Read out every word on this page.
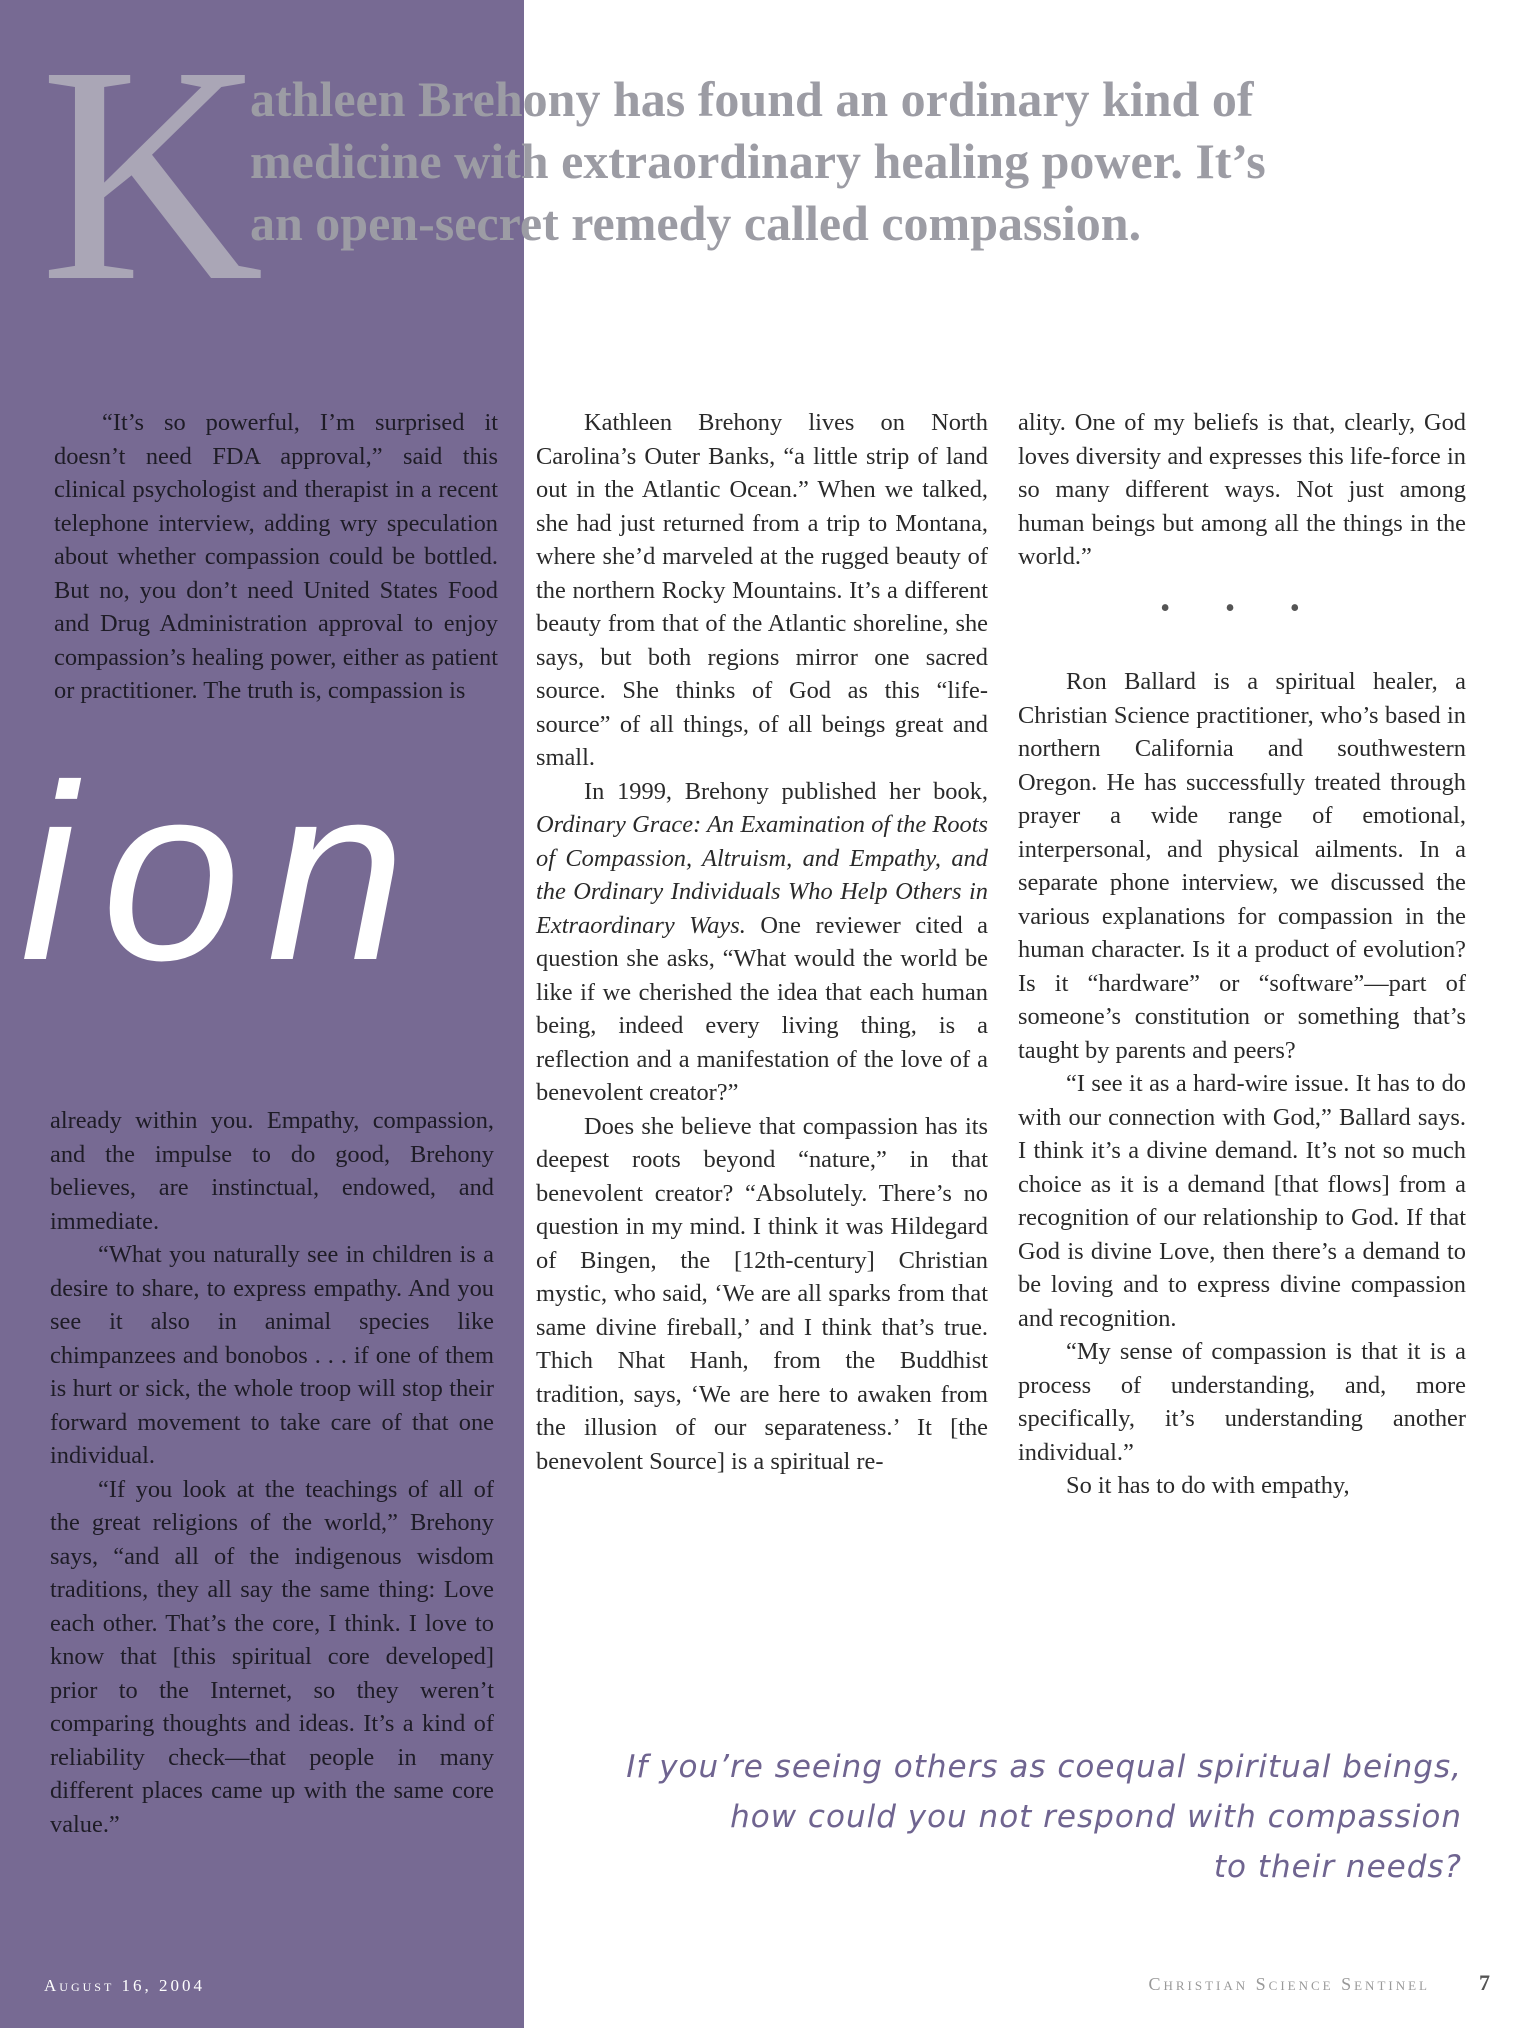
K

athleen Brehony has found an ordinary kind of
medicine with extraordinary healing power. It’s
an open-secret remedy called compassion.

“It’s so powerful, I’m surprised it doesn’t need FDA approval,” said this clinical psychologist and therapist in a recent telephone interview, adding wry speculation about whether compassion could be bottled. But no, you don’t need United States Food and Drug Administration approval to enjoy compassion’s healing power, either as patient or practitioner. The truth is, compassion is

ion

already within you. Empathy, compassion, and the impulse to do good, Brehony believes, are instinctual, endowed, and immediate.

“What you naturally see in children is a desire to share, to express empathy. And you see it also in animal species like chimpanzees and bonobos . . . if one of them is hurt or sick, the whole troop will stop their forward movement to take care of that one individual.

“If you look at the teachings of all of the great religions of the world,” Brehony says, “and all of the indigenous wisdom traditions, they all say the same thing: Love each other. That’s the core, I think. I love to know that [this spiritual core developed] prior to the Internet, so they weren’t comparing thoughts and ideas. It’s a kind of reliability check—that people in many different places came up with the same core value.”

Kathleen Brehony lives on North Carolina’s Outer Banks, “a little strip of land out in the Atlantic Ocean.” When we talked, she had just returned from a trip to Montana, where she’d marveled at the rugged beauty of the northern Rocky Mountains. It’s a different beauty from that of the Atlantic shoreline, she says, but both regions mirror one sacred source. She thinks of God as this “life-source” of all things, of all beings great and small.

In 1999, Brehony published her book, Ordinary Grace: An Examination of the Roots of Compassion, Altruism, and Empathy, and the Ordinary Individuals Who Help Others in Extraordinary Ways. One reviewer cited a question she asks, “What would the world be like if we cherished the idea that each human being, indeed every living thing, is a reflection and a manifestation of the love of a benevolent creator?”

Does she believe that compassion has its deepest roots beyond “nature,” in that benevolent creator? “Absolutely. There’s no question in my mind. I think it was Hildegard of Bingen, the [12th-century] Christian mystic, who said, ‘We are all sparks from that same divine fireball,’ and I think that’s true. Thich Nhat Hanh, from the Buddhist tradition, says, ‘We are here to awaken from the illusion of our separateness.’ It [the benevolent Source] is a spiritual re-

ality. One of my beliefs is that, clearly, God loves diversity and expresses this life-force in so many different ways. Not just among human beings but among all the things in the world.”

• • •

Ron Ballard is a spiritual healer, a Christian Science practitioner, who’s based in northern California and southwestern Oregon. He has successfully treated through prayer a wide range of emotional, interpersonal, and physical ailments. In a separate phone interview, we discussed the various explanations for compassion in the human character. Is it a product of evolution? Is it “hardware” or “software”—part of someone’s constitution or something that’s taught by parents and peers?

“I see it as a hard-wire issue. It has to do with our connection with God,” Ballard says. I think it’s a divine demand. It’s not so much choice as it is a demand [that flows] from a recognition of our relationship to God. If that God is divine Love, then there’s a demand to be loving and to express divine compassion and recognition.

“My sense of compassion is that it is a process of understanding, and, more specifically, it’s understanding another individual.”

So it has to do with empathy,

If you’re seeing others as coequal spiritual beings,
how could you not respond with compassion
to their needs?

August 16, 2004	Christian Science Sentinel	7
